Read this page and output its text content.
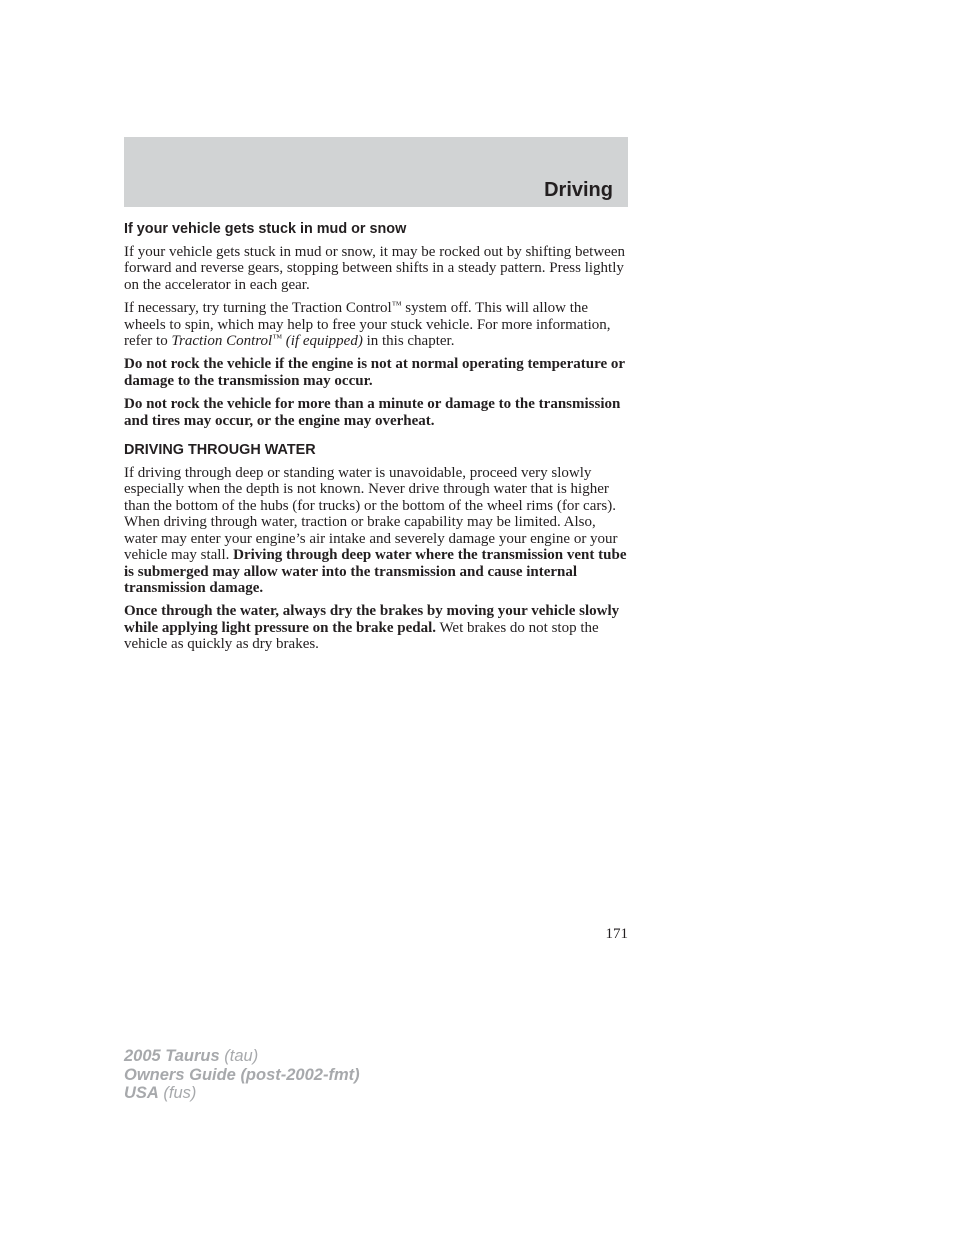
Driving
If your vehicle gets stuck in mud or snow

If your vehicle gets stuck in mud or snow, it may be rocked out by shifting between forward and reverse gears, stopping between shifts in a steady pattern. Press lightly on the accelerator in each gear.

If necessary, try turning the Traction Control™ system off. This will allow the wheels to spin, which may help to free your stuck vehicle. For more information, refer to Traction Control™ (if equipped) in this chapter.

Do not rock the vehicle if the engine is not at normal operating temperature or damage to the transmission may occur.

Do not rock the vehicle for more than a minute or damage to the transmission and tires may occur, or the engine may overheat.

DRIVING THROUGH WATER

If driving through deep or standing water is unavoidable, proceed very slowly especially when the depth is not known. Never drive through water that is higher than the bottom of the hubs (for trucks) or the bottom of the wheel rims (for cars). When driving through water, traction or brake capability may be limited. Also, water may enter your engine’s air intake and severely damage your engine or your vehicle may stall. Driving through deep water where the transmission vent tube is submerged may allow water into the transmission and cause internal transmission damage.

Once through the water, always dry the brakes by moving your vehicle slowly while applying light pressure on the brake pedal. Wet brakes do not stop the vehicle as quickly as dry brakes.

171
2005 Taurus (tau)
Owners Guide (post-2002-fmt)
USA (fus)
